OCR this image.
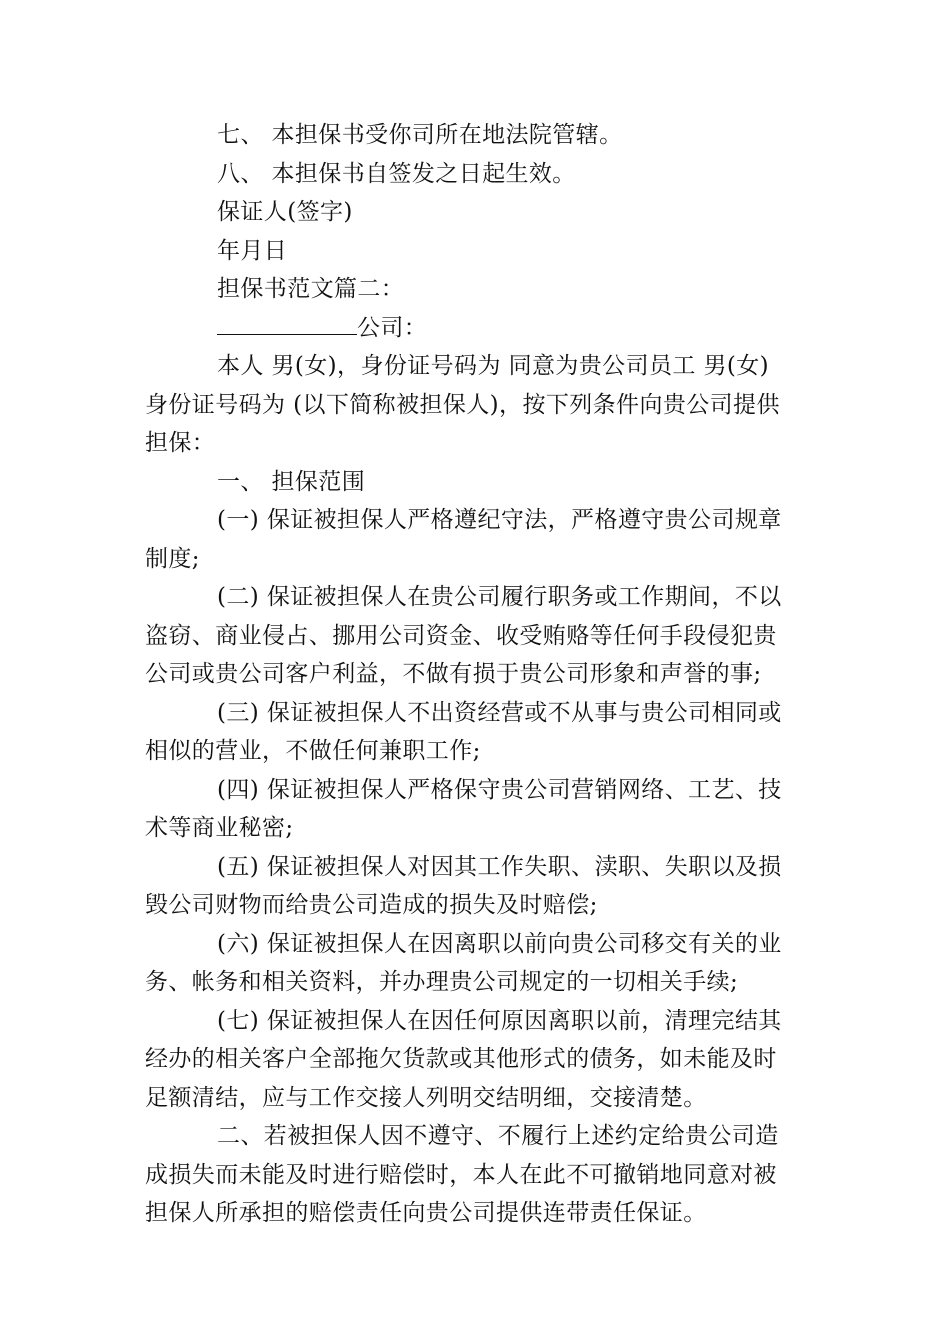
七、 本担保书受你司所在地法院管辖。
八、 本担保书自签发之日起生效。
保证人(签字)
年月日
担保书范文篇二：
公司：
本人 男(女)，身份证号码为 同意为贵公司员工 男(女)
身份证号码为 (以下简称被担保人)，按下列条件向贵公司提供
担保：
一、 担保范围
(一) 保证被担保人严格遵纪守法，严格遵守贵公司规章
制度;
(二) 保证被担保人在贵公司履行职务或工作期间，不以
盗窃、商业侵占、挪用公司资金、收受贿赂等任何手段侵犯贵
公司或贵公司客户利益，不做有损于贵公司形象和声誉的事;
(三) 保证被担保人不出资经营或不从事与贵公司相同或
相似的营业，不做任何兼职工作;
(四) 保证被担保人严格保守贵公司营销网络、工艺、技
术等商业秘密;
(五) 保证被担保人对因其工作失职、渎职、失职以及损
毁公司财物而给贵公司造成的损失及时赔偿;
(六) 保证被担保人在因离职以前向贵公司移交有关的业
务、帐务和相关资料，并办理贵公司规定的一切相关手续;
(七) 保证被担保人在因任何原因离职以前，清理完结其
经办的相关客户全部拖欠货款或其他形式的债务，如未能及时
足额清结，应与工作交接人列明交结明细，交接清楚。
二、若被担保人因不遵守、不履行上述约定给贵公司造
成损失而未能及时进行赔偿时，本人在此不可撤销地同意对被
担保人所承担的赔偿责任向贵公司提供连带责任保证。
